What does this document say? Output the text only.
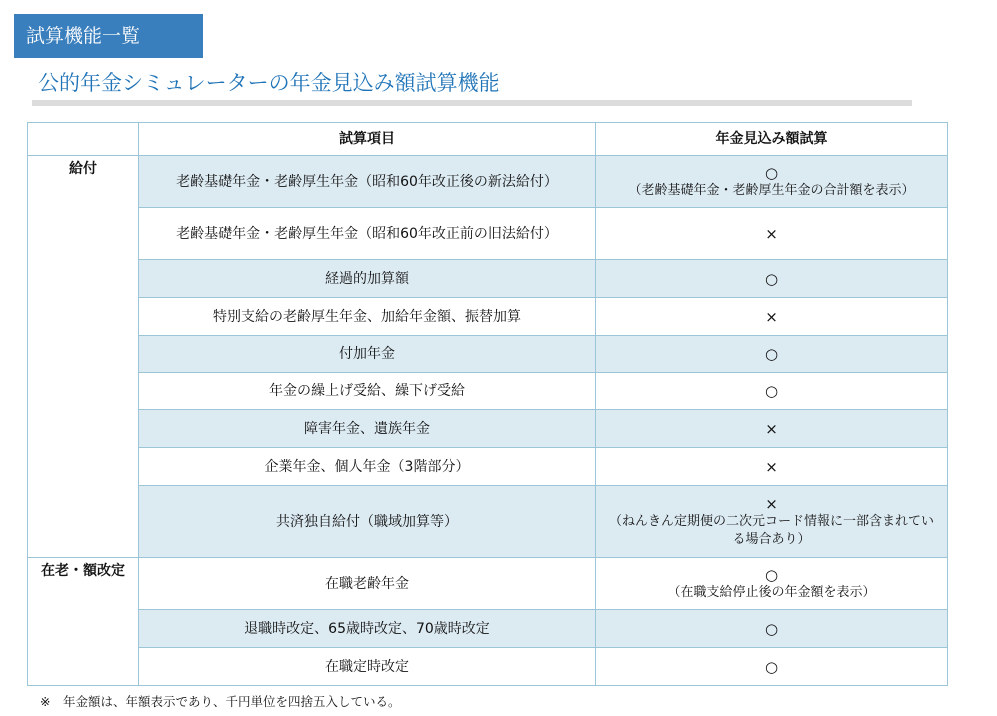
試算機能一覧
公的年金シミュレーターの年金見込み額試算機能
	試算項目	年金見込み額試算
給付	老齢基礎年金・老齢厚生年金（昭和60年改正後の新法給付）	○
（老齢基礎年金・老齢厚生年金の合計額を表示）

	老齢基礎年金・老齢厚生年金（昭和60年改正前の旧法給付）	×

	経過的加算額	○

	特別支給の老齢厚生年金、加給年金額、振替加算	×

	付加年金	○

	年金の繰上げ受給、繰下げ受給	○

	障害年金、遺族年金	×

	企業年金、個人年金（3階部分）	×

	共済独自給付（職域加算等）	×
（ねんきん定期便の二次元コード情報に一部含まれている場合あり）

在老・額改定	在職老齢年金	○
（在職支給停止後の年金額を表示）

	退職時改定、65歳時改定、70歳時改定	○

	在職定時改定	○
※　年金額は、年額表示であり、千円単位を四捨五入している。
